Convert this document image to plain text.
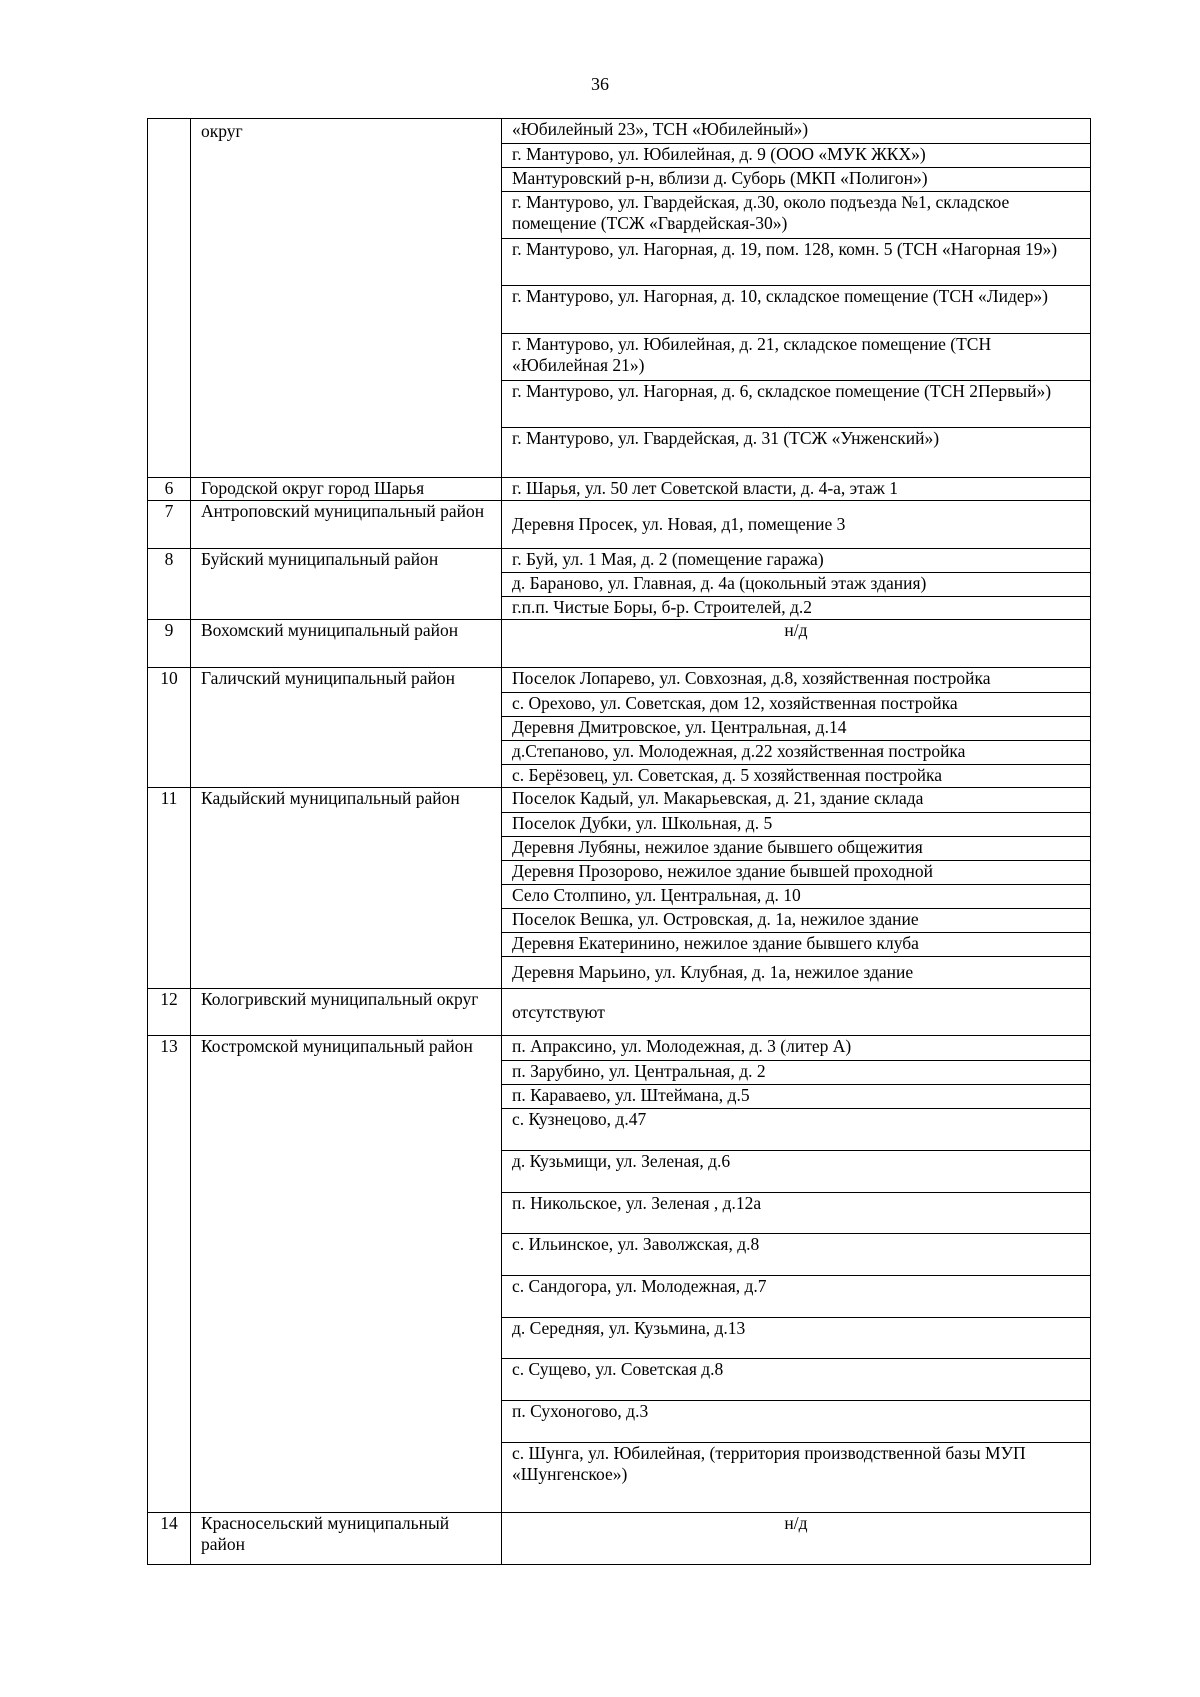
36
	округ	«Юбилейный 23», ТСН «Юбилейный»)
		г. Мантурово, ул. Юбилейная, д. 9 (ООО «МУК ЖКХ»)
		Мантуровский р-н, вблизи д. Суборь (МКП «Полигон»)
		г. Мантурово, ул. Гвардейская, д.30, около подъезда №1, складское помещение (ТСЖ «Гвардейская-30»)
		г. Мантурово, ул. Нагорная, д. 19, пом. 128, комн. 5 (ТСН «Нагорная 19»)
		г. Мантурово, ул. Нагорная, д. 10, складское помещение (ТСН «Лидер»)
		г. Мантурово, ул. Юбилейная, д. 21, складское помещение (ТСН «Юбилейная 21»)
		г. Мантурово, ул. Нагорная, д. 6, складское помещение (ТСН 2Первый»)
		г. Мантурово, ул. Гвардейская, д. 31 (ТСЖ «Унженский»)
6	Городской округ город Шарья	г. Шарья, ул. 50 лет Советской власти, д. 4-а, этаж 1
7	Антроповский муниципальный район	Деревня Просек, ул. Новая, д1, помещение 3
8	Буйский муниципальный район	г. Буй, ул. 1 Мая, д. 2 (помещение гаража)
		д. Бараново, ул. Главная, д. 4а (цокольный этаж здания)
		г.п.п. Чистые Боры, б-р. Строителей, д.2
9	Вохомский муниципальный район	н/д
10	Галичский муниципальный район	Поселок Лопарево, ул. Совхозная, д.8, хозяйственная постройка
		с. Орехово, ул. Советская, дом 12, хозяйственная постройка
		Деревня Дмитровское, ул. Центральная, д.14
		д.Степаново, ул. Молодежная, д.22 хозяйственная постройка
		с. Берёзовец, ул. Советская, д. 5 хозяйственная постройка
11	Кадыйский муниципальный район	Поселок Кадый, ул. Макарьевская, д. 21, здание склада
		Поселок Дубки, ул. Школьная, д. 5
		Деревня Лубяны, нежилое здание бывшего общежития
		Деревня Прозорово, нежилое здание бывшей проходной
		Село Столпино, ул. Центральная, д. 10
		Поселок Вешка, ул. Островская, д. 1а, нежилое здание
		Деревня Екатеринино, нежилое здание бывшего клуба
		Деревня Марьино, ул. Клубная, д. 1а, нежилое здание
12	Кологривский муниципальный округ	отсутствуют
13	Костромской муниципальный район	п. Апраксино, ул. Молодежная, д. 3 (литер А)
		п. Зарубино, ул. Центральная, д. 2
		п. Караваево, ул. Штеймана, д.5
		с. Кузнецово, д.47
		д. Кузьмищи, ул. Зеленая, д.6
		п. Никольское, ул. Зеленая , д.12а
		с. Ильинское, ул. Заволжская, д.8
		с. Сандогора, ул. Молодежная, д.7
		д. Середняя, ул. Кузьмина, д.13
		с. Сущево, ул. Советская д.8
		п. Сухоногово, д.3
		с. Шунга, ул. Юбилейная, (территория производственной базы МУП «Шунгенское»)
14	Красносельский муниципальный район	н/д
